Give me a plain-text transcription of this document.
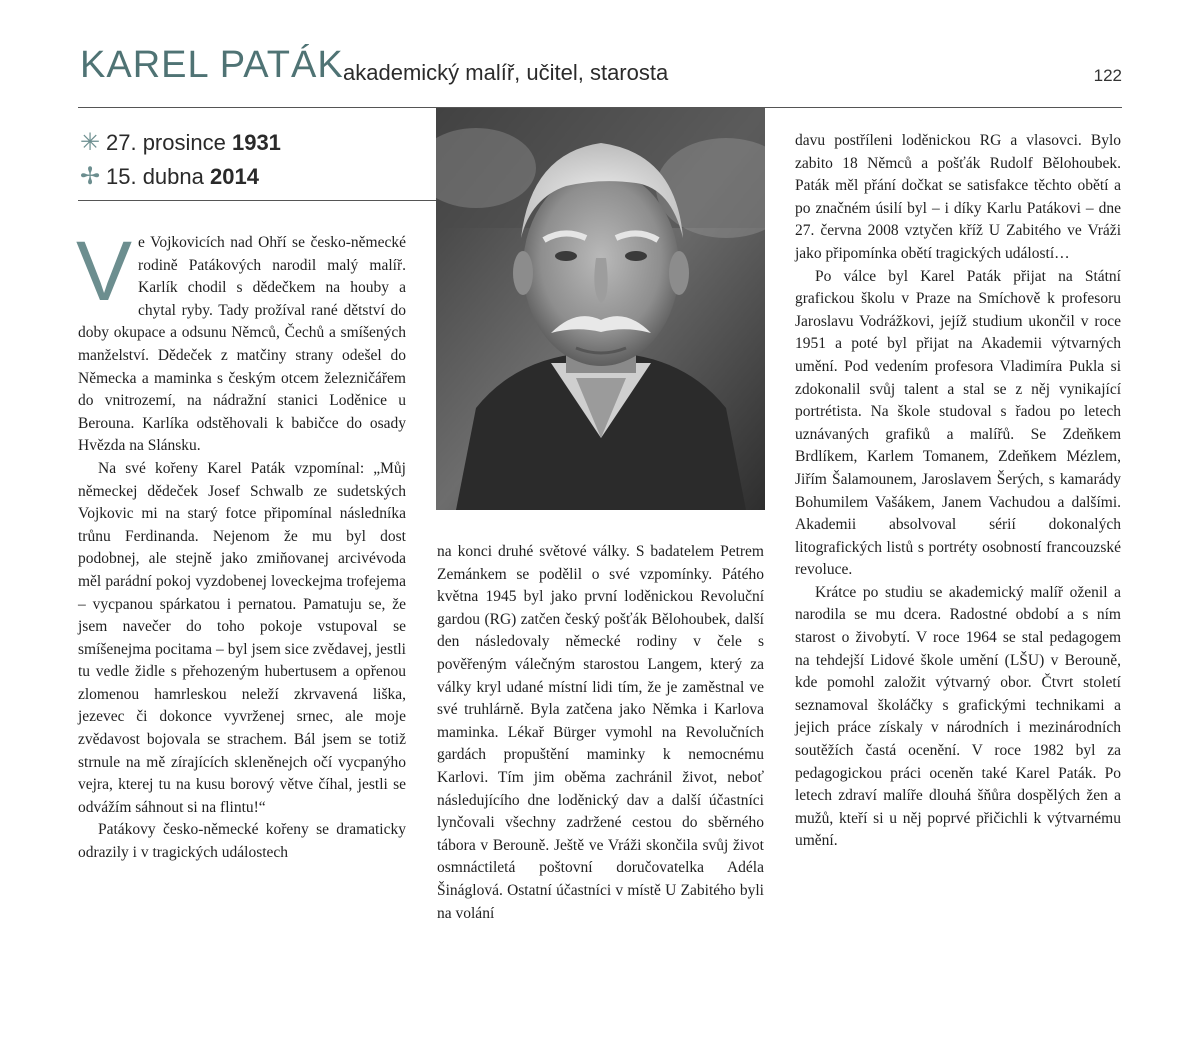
KAREL PATÁK akademický malíř, učitel, starosta	122
✳ 27. prosince 1931
✢ 15. dubna 2014
V e Vojkovicích nad Ohří se česko-německé rodině Patákových narodil malý malíř. Karlík chodil s dědečkem na houby a chytal ryby. Tady prožíval rané dětství do doby okupace a odsunu Němců, Čechů a smíšených manželství. Dědeček z matčiny strany odešel do Německa a maminka s českým otcem železničářem do vnitrozemí, na nádražní stanici Loděnice u Berouna. Karlíka odstěhovali k babičce do osady Hvězda na Slánsku.

Na své kořeny Karel Paták vzpomínal: „Můj německej dědeček Josef Schwalb ze sudetských Vojkovic mi na starý fotce připomínal následníka trůnu Ferdinanda. Nejenom že mu byl dost podobnej, ale stejně jako zmiňovanej arcivévoda měl parádní pokoj vyzdobenej loveckejma trofejema – vycpanou spárkatou i pernatou. Pamatuju se, že jsem navečer do toho pokoje vstupoval se smíšenejma pocitama – byl jsem sice zvědavej, jestli tu vedle židle s přehozeným hubertusem a opřenou zlomenou hamrleskou neleží zkrvavená liška, jezevec či dokonce vyvrženej srnec, ale moje zvědavost bojovala se strachem. Bál jsem se totiž strnule na mě zírajících skleněnejch očí vycpanýho vejra, kterej tu na kusu borový větve číhal, jestli se odvážím sáhnout si na flintu!“

Patákovy česko-německé kořeny se dramaticky odrazily i v tragických událostech

na konci druhé světové války. S badatelem Petrem Zemánkem se podělil o své vzpomínky. Pátého května 1945 byl jako první loděnickou Revoluční gardou (RG) zatčen český pošťák Bělohoubek, další den následovaly německé rodiny v čele s pověřeným válečným starostou Langem, který za války kryl udané místní lidi tím, že je zaměstnal ve své truhlárně. Byla zatčena jako Němka i Karlova maminka. Lékař Bürger vymohl na Revolučních gardách propuštění maminky k nemocnému Karlovi. Tím jim oběma zachránil život, neboť následujícího dne loděnický dav a další účastníci lynčovali všechny zadržené cestou do sběrného tábora v Berouně. Ještě ve Vráži skončila svůj život osmnáctiletá poštovní doručovatelka Adéla Šináglová. Ostatní účastníci v místě U Zabitého byli na volání

davu postříleni loděnickou RG a vlasovci. Bylo zabito 18 Němců a pošťák Rudolf Bělohoubek. Paták měl přání dočkat se satisfakce těchto obětí a po značném úsilí byl – i díky Karlu Patákovi – dne 27. června 2008 vztyčen kříž U Zabitého ve Vráži jako připomínka obětí tragických událostí…

Po válce byl Karel Paták přijat na Státní grafickou školu v Praze na Smíchově k profesoru Jaroslavu Vodrážkovi, jejíž studium ukončil v roce 1951 a poté byl přijat na Akademii výtvarných umění. Pod vedením profesora Vladimíra Pukla si zdokonalil svůj talent a stal se z něj vynikající portrétista. Na škole studoval s řadou po letech uznávaných grafiků a malířů. Se Zdeňkem Brdlíkem, Karlem Tomanem, Zdeňkem Mézlem, Jiřím Šalamounem, Jaroslavem Šerých, s kamarády Bohumilem Vašákem, Janem Vachudou a dalšími. Akademii absolvoval sérií dokonalých litografických listů s portréty osobností francouzské revoluce.

Krátce po studiu se akademický malíř oženil a narodila se mu dcera. Radostné období a s ním starost o živobytí. V roce 1964 se stal pedagogem na tehdejší Lidové škole umění (LŠU) v Berouně, kde pomohl založit výtvarný obor. Čtvrt století seznamoval školáčky s grafickými technikami a jejich práce získaly v národních i mezinárodních soutěžích častá ocenění. V roce 1982 byl za pedagogickou práci oceněn také Karel Paták. Po letech zdraví malíře dlouhá šňůra dospělých žen a mužů, kteří si u něj poprvé přičichli k výtvarnému umění.
